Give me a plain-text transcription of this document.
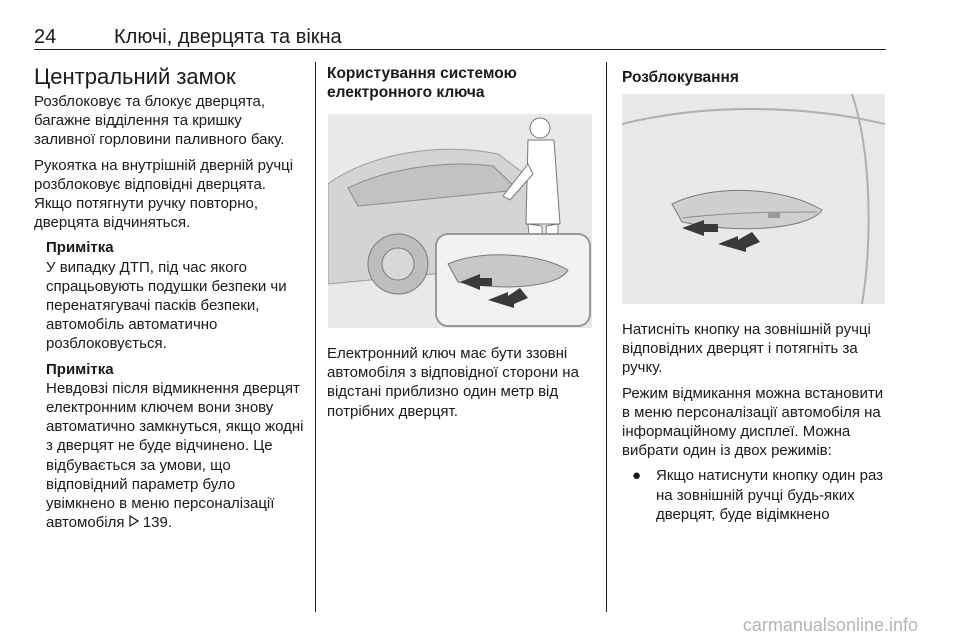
24	Ключі, дверцята та вікна
Центральний замок

Розблоковує та блокує дверцята, багажне відділення та кришку заливної горловини паливного баку.

Рукоятка на внутрішній дверній ручці розблоковує відповідні дверцята. Якщо потягнути ручку повторно, дверцята відчиняться.

Примітка
У випадку ДТП, під час якого спрацьовують подушки безпеки чи перенатягувачі пасків безпеки, автомобіль автоматично розблоковується.
Примітка
Невдовзі після відмикнення дверцят електронним ключем вони знову автоматично замкнуться, якщо жодні з дверцят не буде відчинено. Це відбувається за умови, що відповідний параметр було увімкнено в меню персоналізації автомобіля 139.
Користування системою електронного ключа

Електронний ключ має бути ззовні автомобіля з відповідної сторони на відстані приблизно один метр від потрібних дверцят.

Розблокування

Натисніть кнопку на зовнішній ручці відповідних дверцят і потягніть за ручку.

Режим відмикання можна встановити в меню персоналізації автомобіля на інформаційному дисплеї. Можна вибрати один із двох режимів:

● Якщо натиснути кнопку один раз на зовнішній ручці будь-яких дверцят, буде відімкнено
carmanualsonline.info
